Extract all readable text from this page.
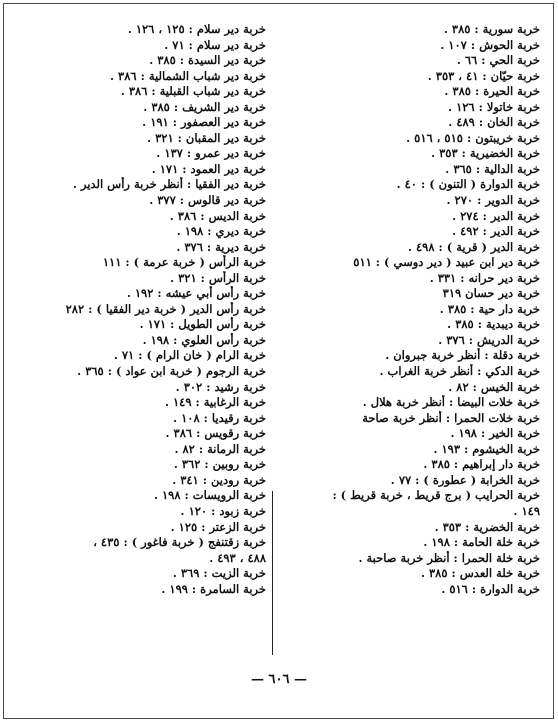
خربة سورية : ٣٨٥ .
خربة الحوش : ١٠٧ .
خربة الحي : ٦٦ .
خربة حيّان : ٤١ ، ٣٥٣ .
خربة الحيرة : ٣٨٥ .
خربة خاتولا : ١٢٦ .
خربة الخان : ٤٨٩ .
خربة خريبتون : ٥١٥ ، ٥١٦ .
خربة الخضيرية : ٣٥٣ .
خربة الدالية : ٣٦٥ .
خربة الدوارة ( التنون ) : ٤٠ .
خربة الدوير : ٢٧٠ .
خربة الدير : ٢٧٤ .
خربة الدير : ٤٩٢ .
خربة الدير ( قرية ) : ٤٩٨ .
خربة دير ابن عبيد ( دير دوسي ) : ٥١١
خربة دير حرانه : ٣٣١ .
خربة دير حسان ٣١٩
خربة دار حية : ٣٨٥ .
خربة ديبدية : ٣٨٥ .
خربة الدريش : ٣٧٦ .
خربة دقلة : أنظر خربة جبروان .
خربة الدكي : أنظر خربة الغراب .
خربة الخيس : ٨٢ .
خربة خلات البيضا : أنظر خربة هلال .
خربة خلات الحمرا : أنظر خربة صاحة
خربة الخير : ١٩٨ .
خربة الخيشوم : ١٩٣ .
خربة دار إبراهيم : ٣٨٥ .
خربة الخرابة ( عطورة ) : ٧٧ .
خربة الحرايب ( برج قريط ، خربة قريط ) :
١٤٩ .
خربة الخضرية : ٣٥٣ .
خربة خلة الحامة : ١٩٨ .
خربة خلة الحمرا : أنظر خربة صاحبة .
خربة خلة العدس : ٣٨٥ .
خربة الدوارة : ٥١٦ .
خربة دير سلام : ١٢٥ ، ١٢٦ .
خربة دير سلام : ٧١ .
خربة دير السيدة : ٣٨٥ .
خربة دير شباب الشمالية : ٣٨٦ .
خربة دير شباب القبلية : ٣٨٦ .
خربة دير الشريف : ٣٨٥ .
خربة دير العصفور : ١٩١ .
خربة دير المقبان : ٣٢١ .
خربة دير عمرو : ١٣٧ .
خربة دير العمود : ١٧١ .
خربة دير الفقيا : أنظر خربة رأس الدير .
خربة دير قالوس : ٣٧٧ .
خربة الديس : ٣٨٦ .
خربة ديري : ١٩٨ .
خربة ديرية : ٣٧٦ .
خربة الرأس ( خربة عرمة ) : ١١١
خربة الرأس : ٣٢١ .
خربة رأس أبي عيشه : ١٩٢ .
خربة رأس الدير ( خربة دير الفقيا ) : ٢٨٢
خربة رأس الطويل : ١٧١ .
خربة رأس العلوي : ١٩٨ .
خربة الرام ( خان الرام ) : ٧١ .
خربة الرجوم ( خربة ابن عواد ) : ٣٦٥ .
خربة رشيد : ٣٠٢ .
خربة الرغابية : ١٤٩ .
خربة رقيديا : ١٠٨ .
خربة رقويس : ٣٨٦ .
خربة الرمانة : ٨٢ .
خربة روبين : ٣٦٢ .
خربة رودين : ٣٤١ .
خربة الرويسات : ١٩٨ .
خربة زبود : ١٢٠ .
خربة الزعتر : ١٢٥ .
خربة زقتنفج ( خربة فاغور ) : ٤٣٥ ،
٤٨٨ ، ٤٩٣ .
خربة الزيت : ٣٦٩ .
خربة السامرة : ١٩٩ .
— ٦٠٦ —
